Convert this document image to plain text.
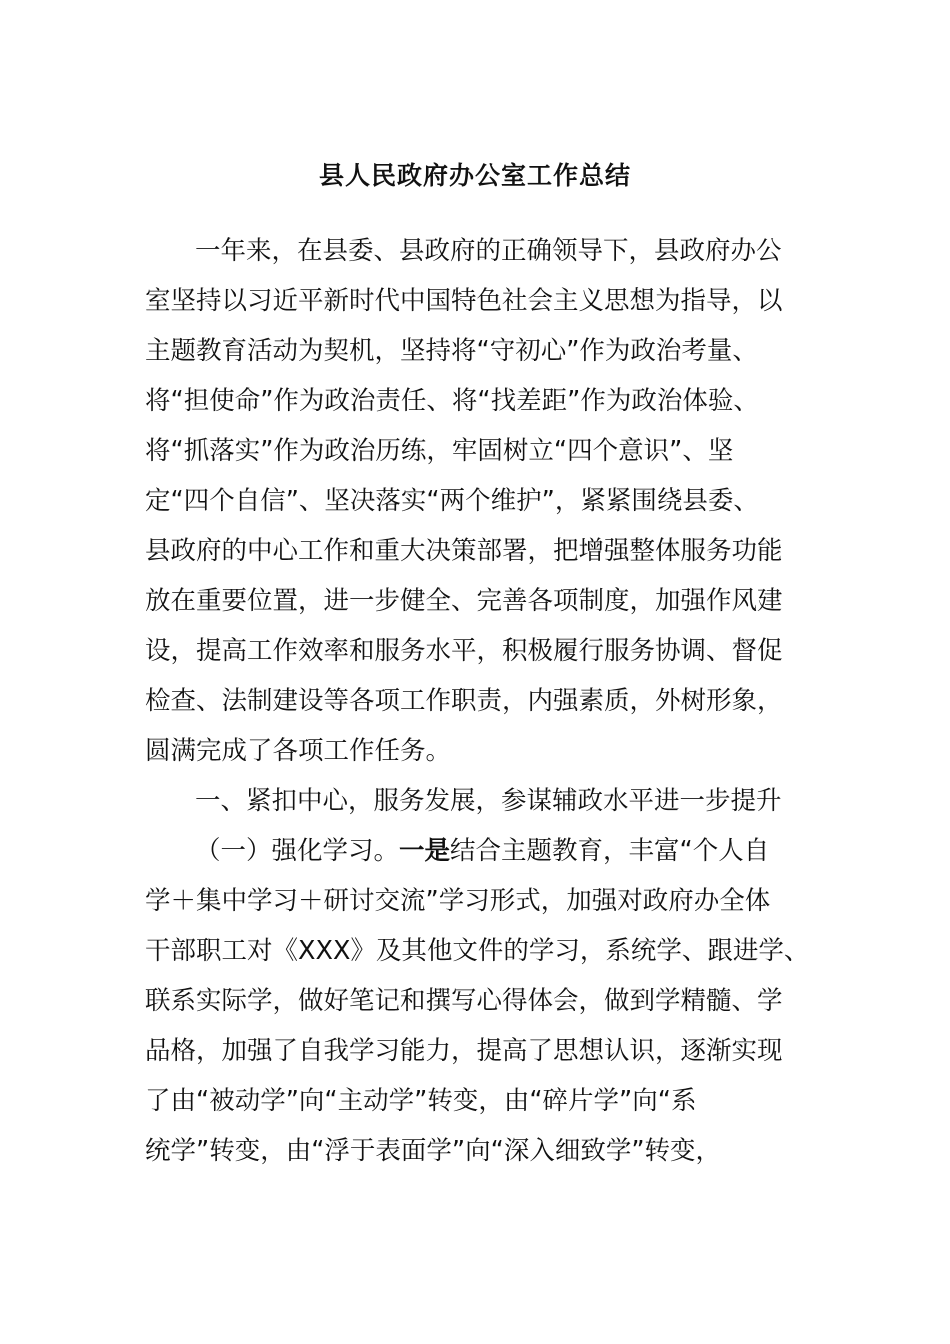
县人民政府办公室工作总结
一年来，在县委、县政府的正确领导下，县政府办公
室坚持以习近平新时代中国特色社会主义思想为指导，以
主题教育活动为契机，坚持将“守初心”作为政治考量、
将“担使命”作为政治责任、将“找差距”作为政治体验、
将“抓落实”作为政治历练，牢固树立“四个意识”、坚
定“四个自信”、坚决落实“两个维护”，紧紧围绕县委、
县政府的中心工作和重大决策部署，把增强整体服务功能
放在重要位置，进一步健全、完善各项制度，加强作风建
设，提高工作效率和服务水平，积极履行服务协调、督促
检查、法制建设等各项工作职责，内强素质，外树形象，
圆满完成了各项工作任务。
一、紧扣中心，服务发展，参谋辅政水平进一步提升
（一）强化学习。一是结合主题教育，丰富“个人自
学＋集中学习＋研讨交流”学习形式，加强对政府办全体
干部职工对《XXX》及其他文件的学习，系统学、跟进学、
联系实际学，做好笔记和撰写心得体会，做到学精髓、学
品格，加强了自我学习能力，提高了思想认识，逐渐实现
了由“被动学”向“主动学”转变，由“碎片学”向“系
统学”转变，由“浮于表面学”向“深入细致学”转变，
